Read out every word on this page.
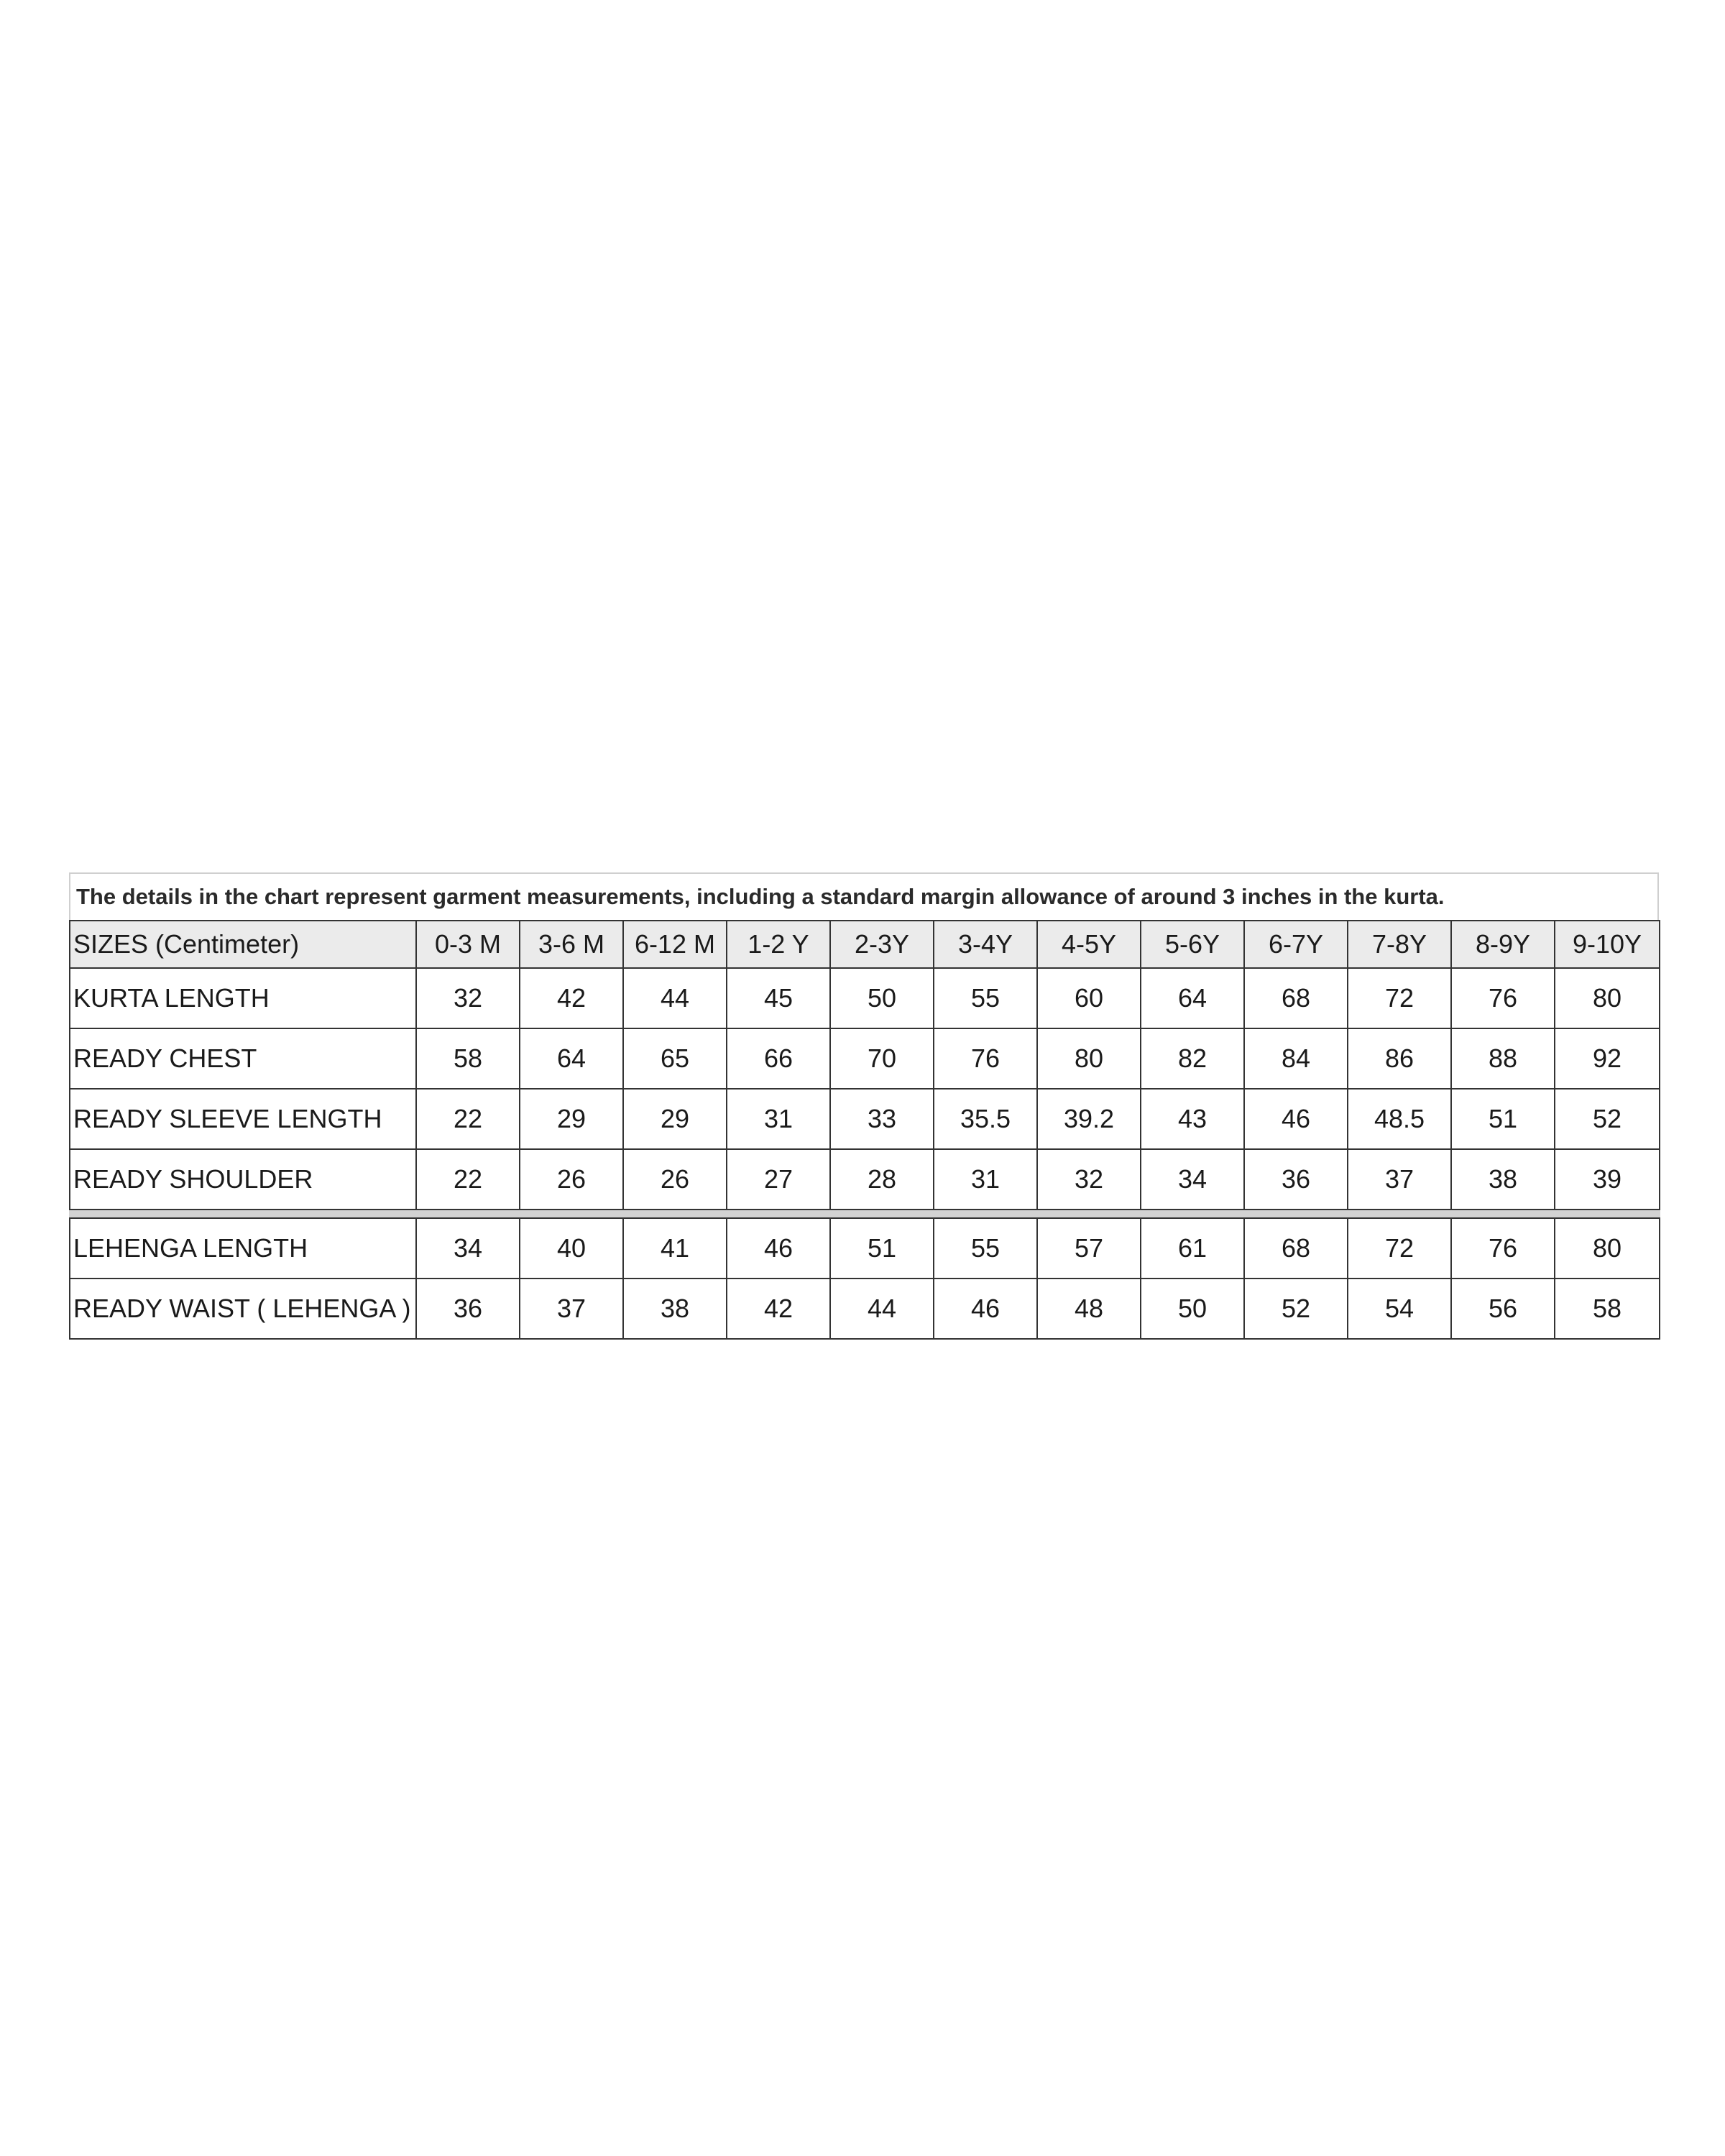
The details in the chart represent garment measurements, including a standard margin allowance of around 3 inches in the kurta.
SIZES (Centimeter)	0-3 M	3-6 M	6-12 M	1-2 Y	2-3Y	3-4Y	4-5Y	5-6Y	6-7Y	7-8Y	8-9Y	9-10Y
KURTA LENGTH	32	42	44	45	50	55	60	64	68	72	76	80
READY CHEST	58	64	65	66	70	76	80	82	84	86	88	92
READY SLEEVE LENGTH	22	29	29	31	33	35.5	39.2	43	46	48.5	51	52
READY SHOULDER	22	26	26	27	28	31	32	34	36	37	38	39

LEHENGA LENGTH	34	40	41	46	51	55	57	61	68	72	76	80
READY WAIST ( LEHENGA )	36	37	38	42	44	46	48	50	52	54	56	58
